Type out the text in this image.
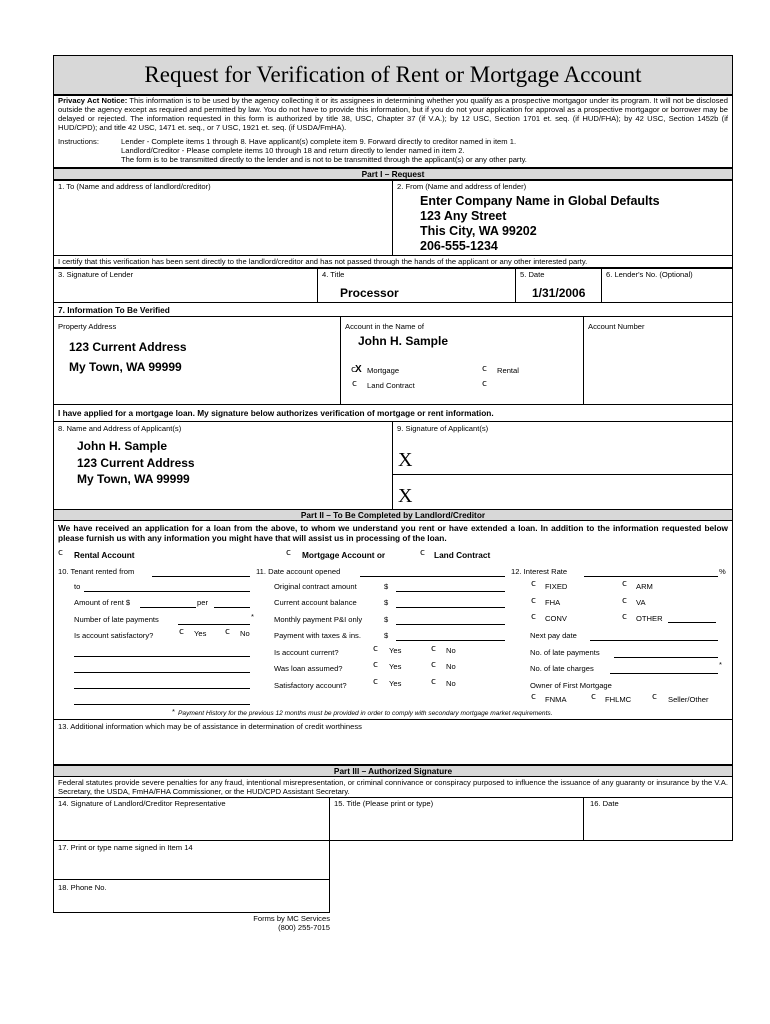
Request for Verification of Rent or Mortgage Account
Privacy Act Notice: This information is to be used by the agency collecting it or its assignees in determining whether you qualify as a prospective mortgagor under its program. It will not be disclosed outside the agency except as required and permitted by law. You do not have to provide this information, but if you do not your application for approval as a prospective mortgagor or borrower may be delayed or rejected. The information requested in this form is authorized by title 38, USC, Chapter 37 (if V.A.); by 12 USC, Section 1701 et. seq. (if HUD/FHA); by 42 USC, Section 1452b (if HUD/CPD); and title 42 USC, 1471 et. seq., or 7 USC, 1921 et. seq. (if USDA/FmHA).
Instructions:	Lender - Complete items 1 through 8. Have applicant(s) complete item 9. Forward directly to creditor named in item 1.
Landlord/Creditor - Please complete items 10 through 18 and return directly to lender named in item 2.
The form is to be transmitted directly to the lender and is not to be transmitted through the applicant(s) or any other party.
Part I – Request
1. To (Name and address of landlord/creditor)	2. From (Name and address of lender)
Enter Company Name in Global Defaults
123 Any Street
This City, WA 99202
206-555-1234
I certify that this verification has been sent directly to the landlord/creditor and has not passed through the hands of the applicant or any other interested party.
3. Signature of Lender	4. Title
Processor
5. Date
1/31/2006
6. Lender's No. (Optional)
7. Information To Be Verified
Property Address
123 Current Address
My Town, WA 99999
Account in the Name of
John H. Sample
Account Number
c X Mortgage	c Rental
c Land Contract	c
I have applied for a mortgage loan. My signature below authorizes verification of mortgage or rent information.
8. Name and Address of Applicant(s)
John H. Sample
123 Current Address
My Town, WA 99999
9. Signature of Applicant(s)
X
X
Part II – To Be Completed by Landlord/Creditor
We have received an application for a loan from the above, to whom we understand you rent or have extended a loan. In addition to the information requested below please furnish us with any information you might have that will assist us in processing of the loan.
c Rental Account	c Mortgage Account or	c Land Contract
10. Tenant rented from
to
Amount of rent $	per
Number of late payments	*
Is account satisfactory?	c Yes c No
11. Date account opened
Original contract amount	$
Current account balance	$
Monthly payment P&I only	$
Payment with taxes & ins.	$
Is account current?	c Yes	c No
Was loan assumed?	c Yes	c No
Satisfactory account?	c Yes	c No
12. Interest Rate	%
c FIXED	c ARM
c FHA	c VA
c CONV	c OTHER
Next pay date
No. of late payments
No. of late charges	*
Owner of First Mortgage
c FNMA	c FHLMC c Seller/Other
* Payment History for the previous 12 months must be provided in order to comply with secondary mortgage market requirements.
13. Additional information which may be of assistance in determination of credit worthiness
Part III – Authorized Signature
Federal statutes provide severe penalties for any fraud, intentional misrepresentation, or criminal connivance or conspiracy purposed to influence the issuance of any guaranty or insurance by the V.A. Secretary, the USDA, FmHA/FHA Commissioner, or the HUD/CPD Assistant Secretary.
14. Signature of Landlord/Creditor Representative	15. Title (Please print or type)	16. Date
17. Print or type name signed in Item 14
18. Phone No.
Forms by MC Services
(800) 255-7015
